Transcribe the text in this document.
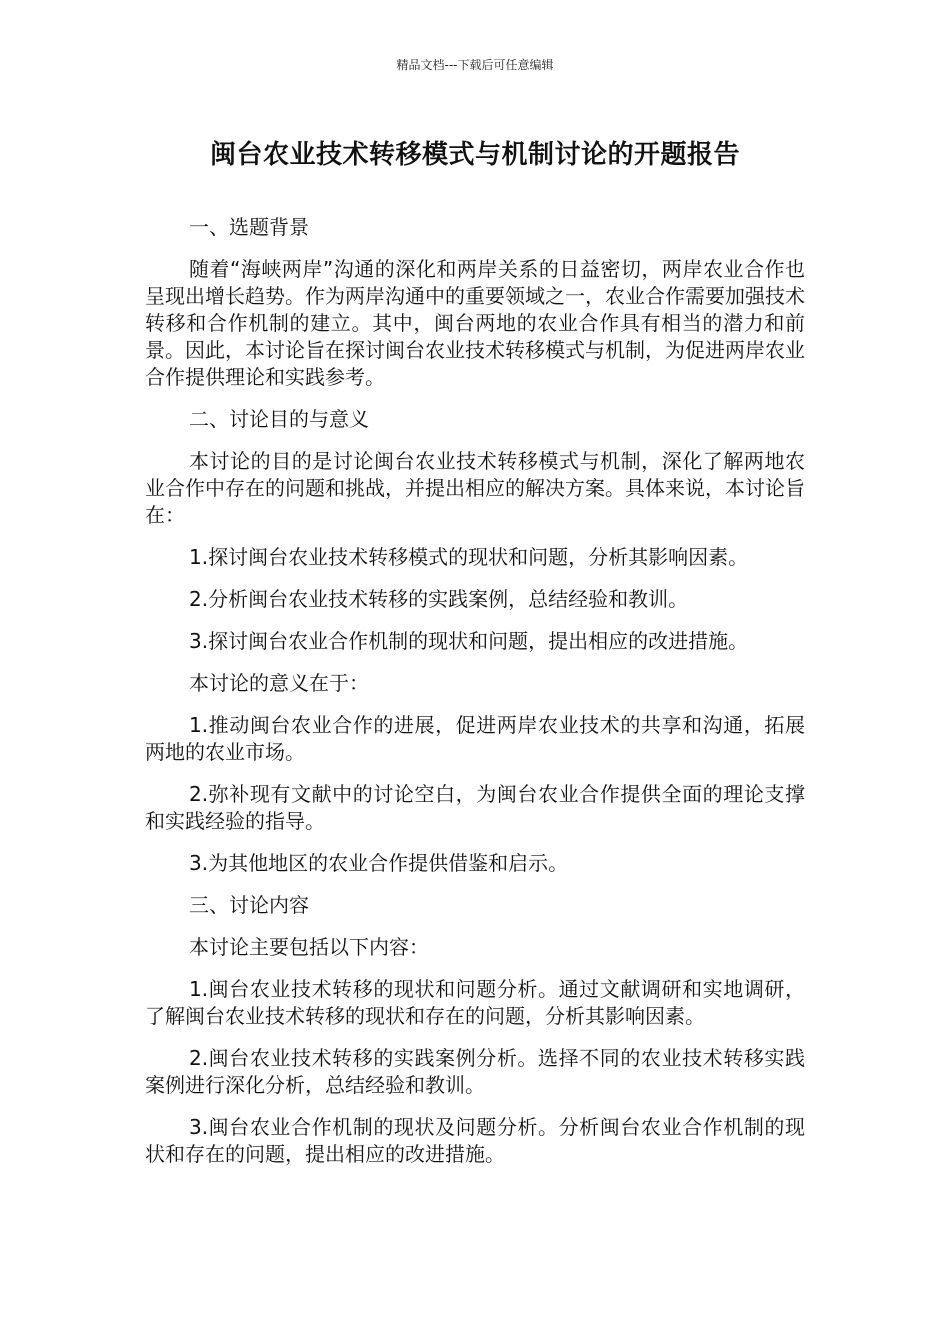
精品文档---下载后可任意编辑
闽台农业技术转移模式与机制讨论的开题报告

一、选题背景

随着“海峡两岸”沟通的深化和两岸关系的日益密切，两岸农业合作也呈现出增长趋势。作为两岸沟通中的重要领域之一，农业合作需要加强技术转移和合作机制的建立。其中，闽台两地的农业合作具有相当的潜力和前景。因此，本讨论旨在探讨闽台农业技术转移模式与机制，为促进两岸农业合作提供理论和实践参考。

二、讨论目的与意义

本讨论的目的是讨论闽台农业技术转移模式与机制，深化了解两地农业合作中存在的问题和挑战，并提出相应的解决方案。具体来说，本讨论旨在：

1.探讨闽台农业技术转移模式的现状和问题，分析其影响因素。

2.分析闽台农业技术转移的实践案例，总结经验和教训。

3.探讨闽台农业合作机制的现状和问题，提出相应的改进措施。

本讨论的意义在于：

1.推动闽台农业合作的进展，促进两岸农业技术的共享和沟通，拓展两地的农业市场。

2.弥补现有文献中的讨论空白，为闽台农业合作提供全面的理论支撑和实践经验的指导。

3.为其他地区的农业合作提供借鉴和启示。

三、讨论内容

本讨论主要包括以下内容：

1.闽台农业技术转移的现状和问题分析。通过文献调研和实地调研，了解闽台农业技术转移的现状和存在的问题，分析其影响因素。

2.闽台农业技术转移的实践案例分析。选择不同的农业技术转移实践案例进行深化分析，总结经验和教训。

3.闽台农业合作机制的现状及问题分析。分析闽台农业合作机制的现状和存在的问题，提出相应的改进措施。
